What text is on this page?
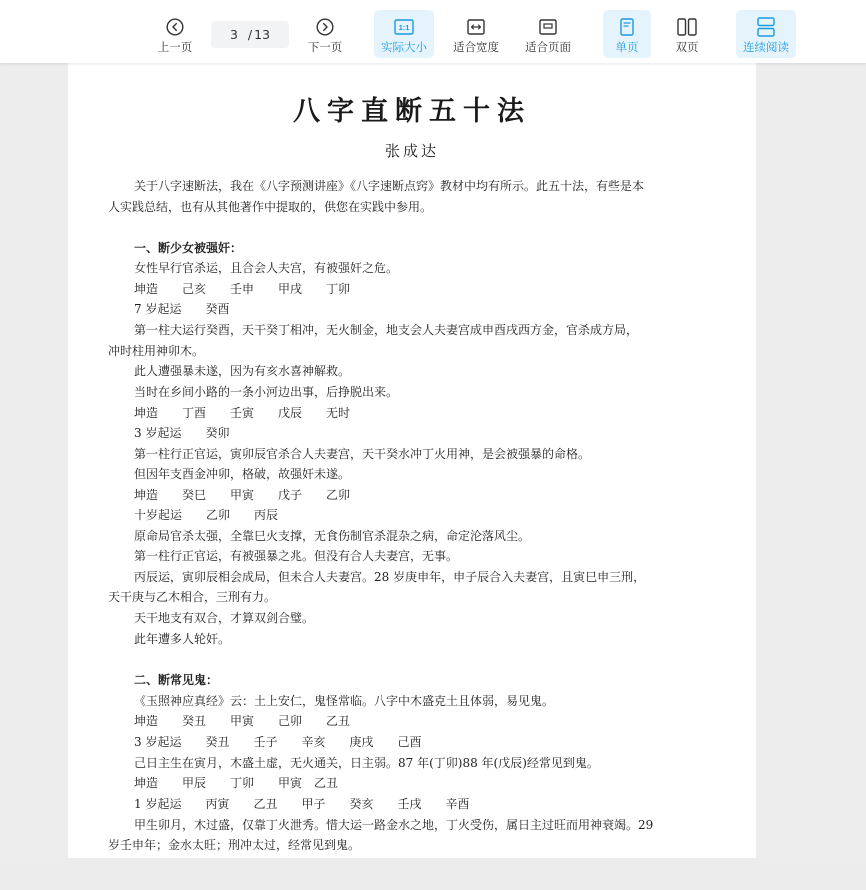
上一页
3 / 13
下一页
1:1
实际大小 适合宽度 适合页面	单页	双页	连续阅读
八字直断五十法
张成达
关于八字速断法，我在《八字预测讲座》《八字速断点窍》教材中均有所示。此五十法，有些是本
人实践总结，也有从其他著作中提取的，供您在实践中参用。
一、断少女被强奸：
女性早行官杀运，且合会人夫宫，有被强奸之危。
坤造　　己亥　　壬申　　甲戌　　丁卯
7 岁起运　　癸酉
第一柱大运行癸酉，天干癸丁相冲，无火制金，地支会人夫妻宫成申酉戌西方金，官杀成方局，
冲时柱用神卯木。
此人遭强暴未遂，因为有亥水喜神解救。
当时在乡间小路的一条小河边出事，后挣脱出来。
坤造　　丁酉　　壬寅　　戊辰　　无时
3 岁起运　　癸卯
第一柱行正官运，寅卯辰官杀合人夫妻宫，天干癸水冲丁火用神，是会被强暴的命格。
但因年支酉金冲卯，格破，故强奸未遂。
坤造　　癸巳　　甲寅　　戊子　　乙卯
十岁起运　　乙卯　　丙辰
原命局官杀太强，全靠巳火支撑，无食伤制官杀混杂之病，命定沦落风尘。
第一柱行正官运，有被强暴之兆。但没有合人夫妻宫，无事。
丙辰运，寅卯辰相会成局，但未合人夫妻宫。28 岁庚申年，申子辰合入夫妻宫，且寅巳申三刑，
天干庚与乙木相合，三刑有力。
天干地支有双合，才算双剑合璧。
此年遭多人轮奸。
二、断常见鬼：
《玉照神应真经》云：土上安仁，鬼怪常临。八字中木盛克土且体弱，易见鬼。
坤造　　癸丑　　甲寅　　己卯　　乙丑
3 岁起运　　癸丑　　壬子　　辛亥　　庚戌　　己酉
己日主生在寅月，木盛土虚，无火通关，日主弱。87 年(丁卯)88 年(戊辰)经常见到鬼。
坤造　　甲辰　　丁卯　　甲寅　乙丑
1 岁起运　　丙寅　　乙丑　　甲子　　癸亥　　壬戌　　辛酉
甲生卯月，木过盛，仅靠丁火泄秀。惜大运一路金水之地，丁火受伤，属日主过旺而用神衰竭。29
岁壬申年；金水太旺；刑冲太过，经常见到鬼。
